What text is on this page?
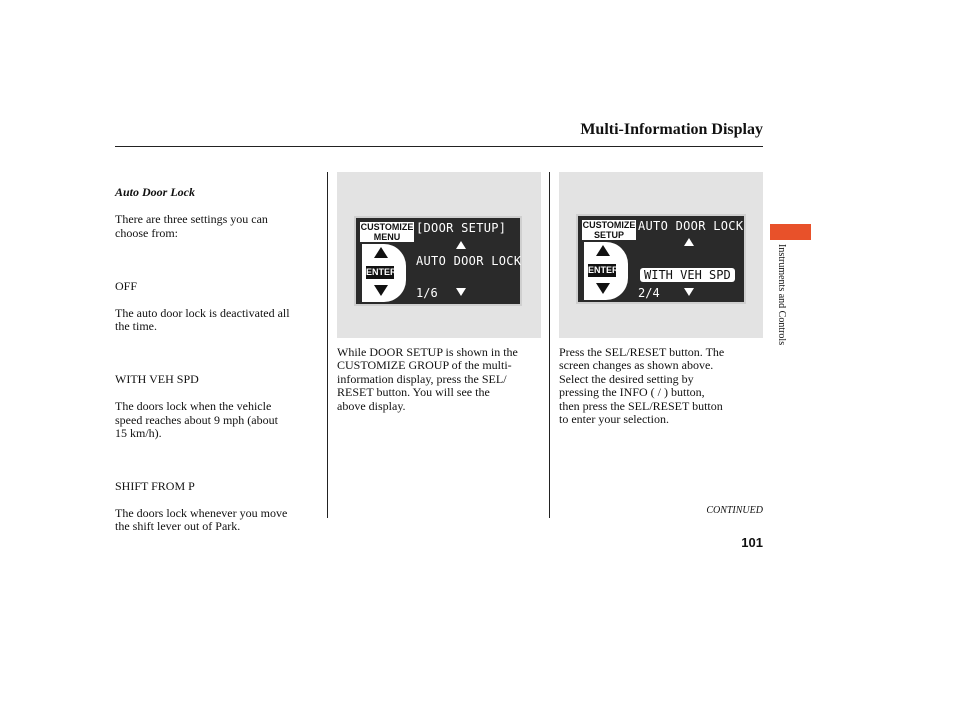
Multi-Information Display

Auto Door Lock

There are three settings you can
choose from:

OFF

The auto door lock is deactivated all
the time.

WITH VEH SPD

The doors lock when the vehicle
speed reaches about 9 mph (about
15 km/h).

SHIFT FROM P

The doors lock whenever you move
the shift lever out of Park.

CUSTOMIZE
MENU
ENTER
[DOOR SETUP]
AUTO DOOR LOCK
1/6
CUSTOMIZE
SETUP
ENTER
AUTO DOOR LOCK
WITH VEH SPD
2/4
While DOOR SETUP is shown in the
CUSTOMIZE GROUP of the multi-
information display, press the SEL/
RESET button. You will see the
above display.
Press the SEL/RESET button. The
screen changes as shown above.
Select the desired setting by
pressing the INFO ( / ) button,
then press the SEL/RESET button
to enter your selection.
CONTINUED
101
Instruments and Controls
